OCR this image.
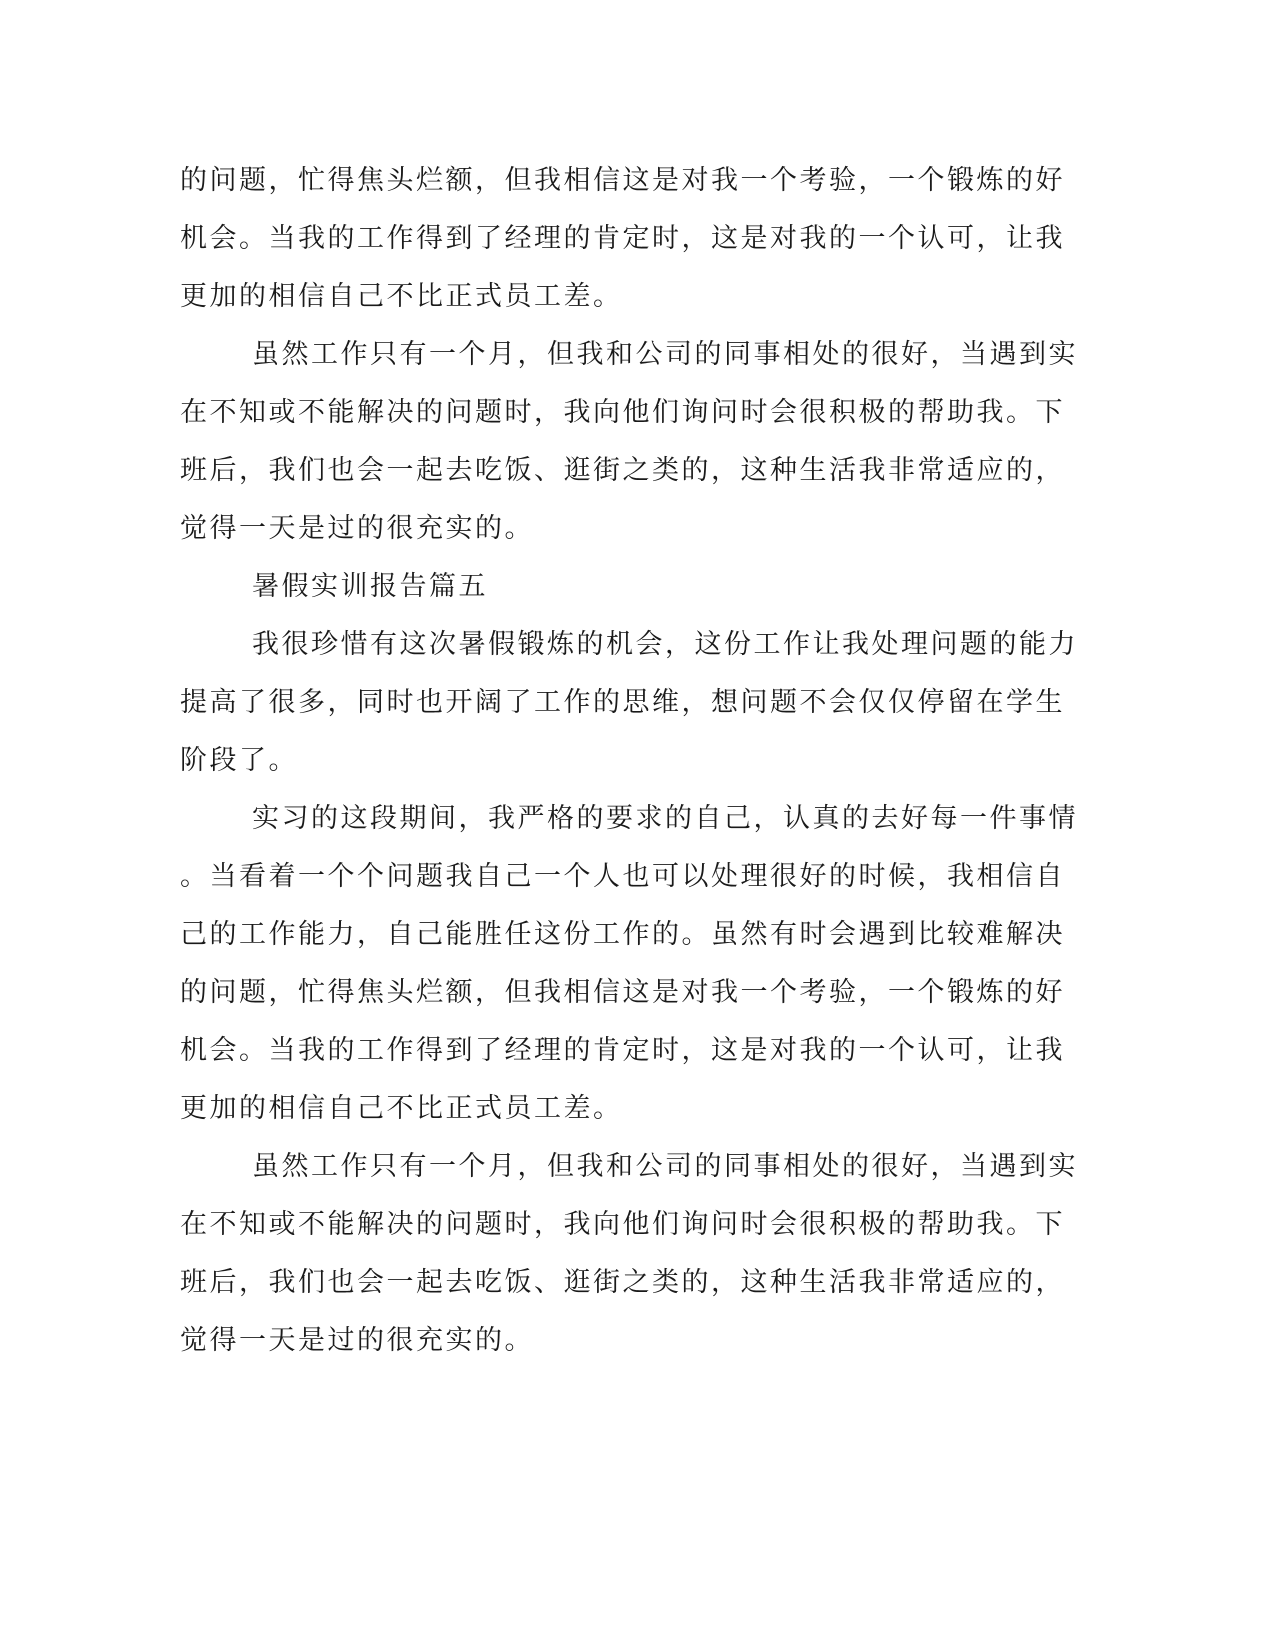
的问题，忙得焦头烂额，但我相信这是对我一个考验，一个锻炼的好
机会。当我的工作得到了经理的肯定时，这是对我的一个认可，让我
更加的相信自己不比正式员工差。
虽然工作只有一个月，但我和公司的同事相处的很好，当遇到实
在不知或不能解决的问题时，我向他们询问时会很积极的帮助我。下
班后，我们也会一起去吃饭、逛街之类的，这种生活我非常适应的，
觉得一天是过的很充实的。
暑假实训报告篇五
我很珍惜有这次暑假锻炼的机会，这份工作让我处理问题的能力
提高了很多，同时也开阔了工作的思维，想问题不会仅仅停留在学生
阶段了。
实习的这段期间，我严格的要求的自己，认真的去好每一件事情
。当看着一个个问题我自己一个人也可以处理很好的时候，我相信自
己的工作能力，自己能胜任这份工作的。虽然有时会遇到比较难解决
的问题，忙得焦头烂额，但我相信这是对我一个考验，一个锻炼的好
机会。当我的工作得到了经理的肯定时，这是对我的一个认可，让我
更加的相信自己不比正式员工差。
虽然工作只有一个月，但我和公司的同事相处的很好，当遇到实
在不知或不能解决的问题时，我向他们询问时会很积极的帮助我。下
班后，我们也会一起去吃饭、逛街之类的，这种生活我非常适应的，
觉得一天是过的很充实的。
